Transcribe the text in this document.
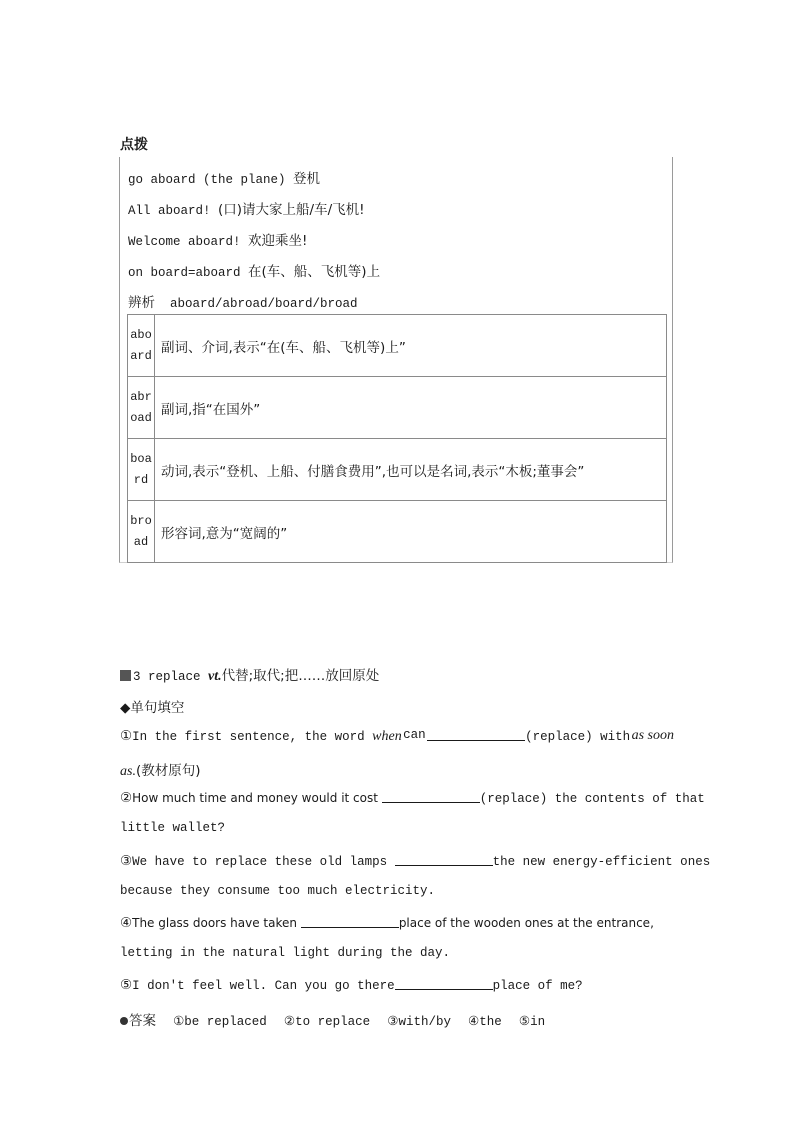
点拨
go aboard (the plane) 登机
All aboard! (口)请大家上船/车/飞机!
Welcome aboard! 欢迎乘坐!
on board=aboard 在(车、船、飞机等)上
辨析  aboard/abroad/board/broad
aboard	副词、介词,表示“在(车、船、飞机等)上”
abroad	副词,指“在国外”
board	动词,表示“登机、上船、付膳食费用”,也可以是名词,表示“木板;董事会”
broad	形容词,意为“宽阔的”
3 replace vt.代替;取代;把……放回原处
◆单句填空
①In the first sentence, the word when can	(replace) with as soon
as.(教材原句)
②How much time and money would it cost	(replace) the contents of that
little wallet?
③We have to replace these old lamps	the new energy-efficient ones
because they consume too much electricity.
④The glass doors have taken	place of the wooden ones at the entrance,
letting in the natural light during the day.
⑤I don't feel well. Can you go there	place of me?
答案 ①be replaced ②to replace ③with/by ④the ⑤in
